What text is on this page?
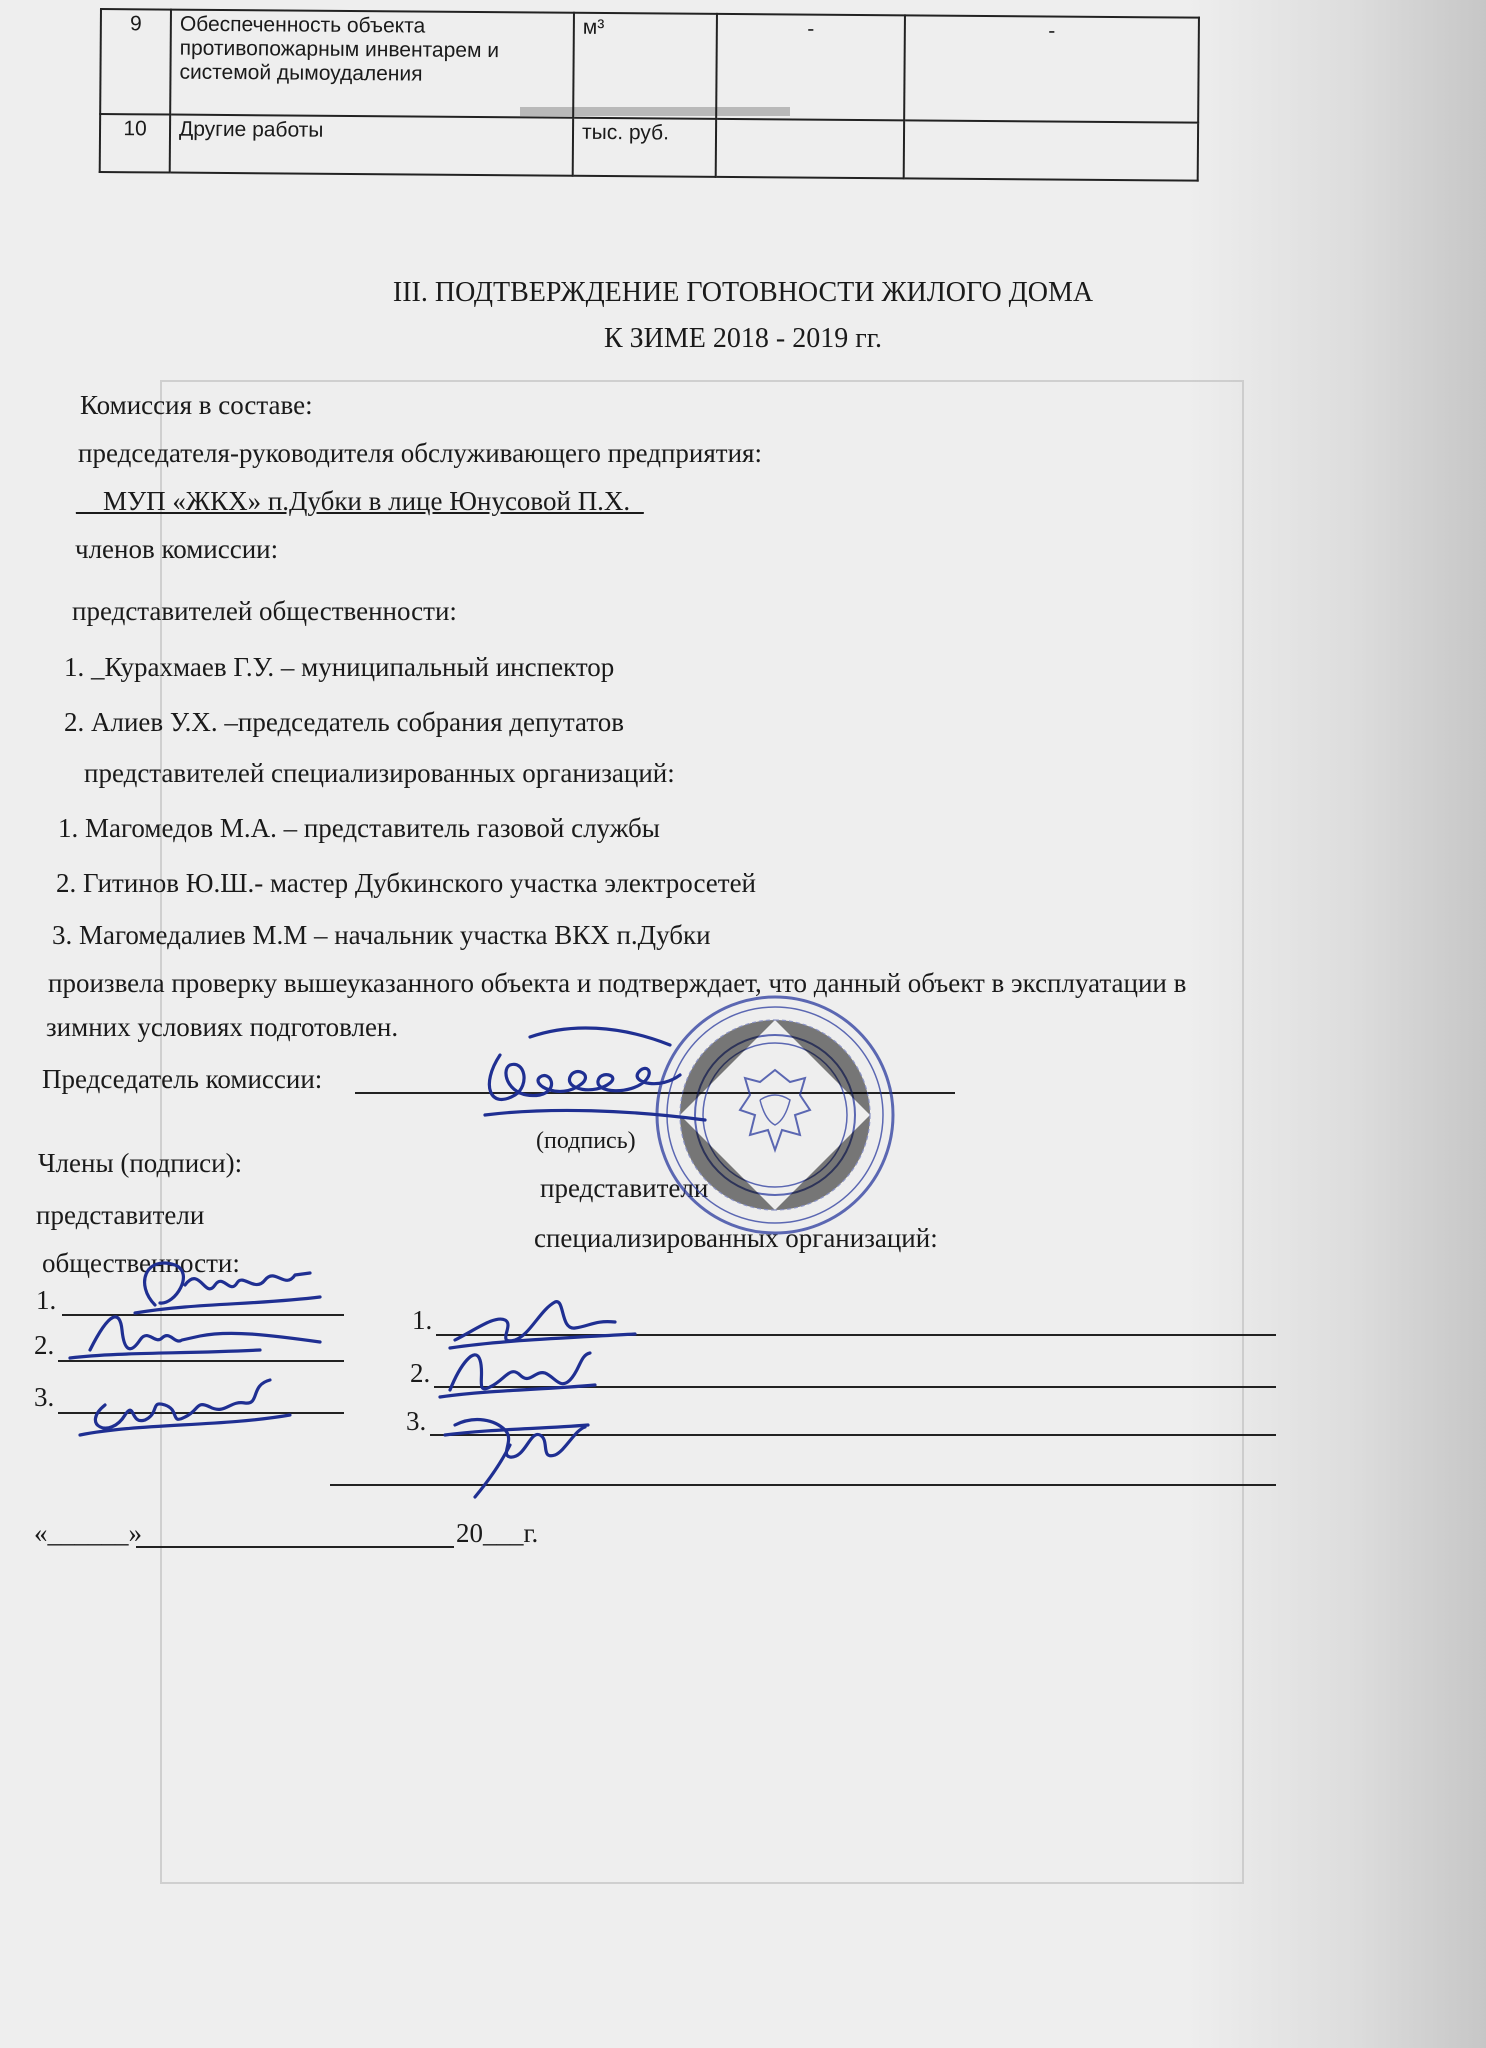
▬▬▬▬▬▬▬▬▬
9	Обеспеченность объекта противопожарным инвентарем и системой дымоудаления	м³	-	-
10	Другие работы	тыс. руб.		
III. ПОДТВЕРЖДЕНИЕ ГОТОВНОСТИ ЖИЛОГО ДОМА
К ЗИМЕ 2018 - 2019 гг.
Комиссия в составе:
председателя-руководителя обслуживающего предприятия:
__МУП «ЖКХ» п.Дубки в лице Юнусовой П.Х._
членов комиссии:
представителей общественности:
1. _Курахмаев Г.У. – муниципальный инспектор
2. Алиев У.Х. –председатель собрания депутатов
представителей специализированных организаций:
1. Магомедов М.А. – представитель газовой службы
2. Гитинов Ю.Ш.- мастер Дубкинского участка электросетей
3. Магомедалиев М.М – начальник участка ВКХ п.Дубки
произвела проверку вышеуказанного объекта и подтверждает, что данный объект в эксплуатации в
зимних условиях подготовлен.
Председатель комиссии:
(подпись)
Члены (подписи):
представители
представители
специализированных организаций:
общественности:
1.
2.
3.
1.
2.
3.
«______»	20___г.
